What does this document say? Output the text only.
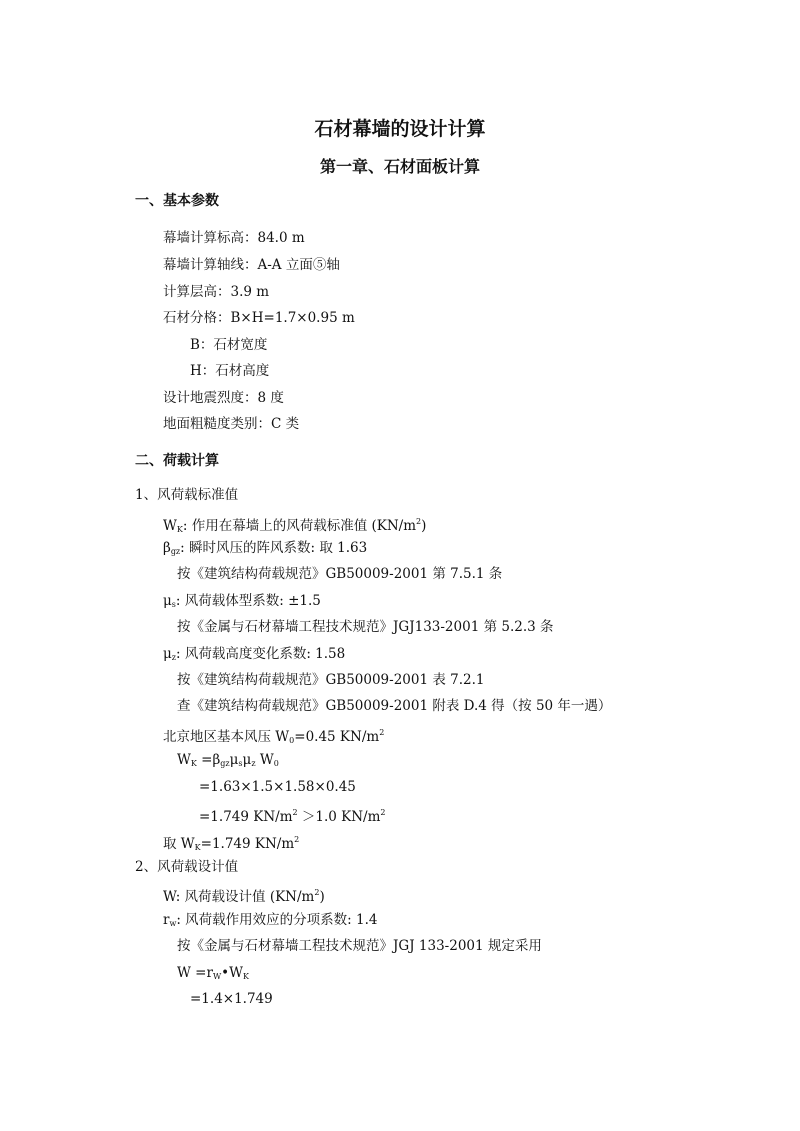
石材幕墙的设计计算
第一章、石材面板计算
一、基本参数
幕墙计算标高：84.0 m
幕墙计算轴线：A-A 立面⑤轴
计算层高：3.9 m
石材分格：B×H=1.7×0.95 m
B：石材宽度
H：石材高度
设计地震烈度：8 度
地面粗糙度类别：C 类
二、荷载计算
1、风荷载标准值
$W_K$: 作用在幕墙上的风荷载标准值 $(KN/m^2)$
$\beta_{gz}$: 瞬时风压的阵风系数: 取 1.63
按《建筑结构荷载规范》GB50009-2001 第 7.5.1 条
$\mu_s$: 风荷载体型系数: ±1.5
按《金属与石材幕墙工程技术规范》JGJ133-2001 第 5.2.3 条
$\mu_z$: 风荷载高度变化系数: 1.58
按《建筑结构荷载规范》GB50009-2001 表 7.2.1
查《建筑结构荷载规范》GB50009-2001 附表 D.4 得（按 50 年一遇）
北京地区基本风压 $W_0=0.45$ $KN/m^2$
$W_K =\beta_{gz}\mu_s\mu_z$ $W_0$
=1.63×1.5×1.58×0.45
=1.749 $KN/m^2 >1.0$ $KN/m^2$
取 $W_K=1.749$ $KN/m^2$
2、风荷载设计值
W: 风荷载设计值 $(KN/m^2)$
$r_w$: 风荷载作用效应的分项系数: 1.4
按《金属与石材幕墙工程技术规范》JGJ 133-2001 规定采用
$W =r_W•W_K$
=1.4×1.749
